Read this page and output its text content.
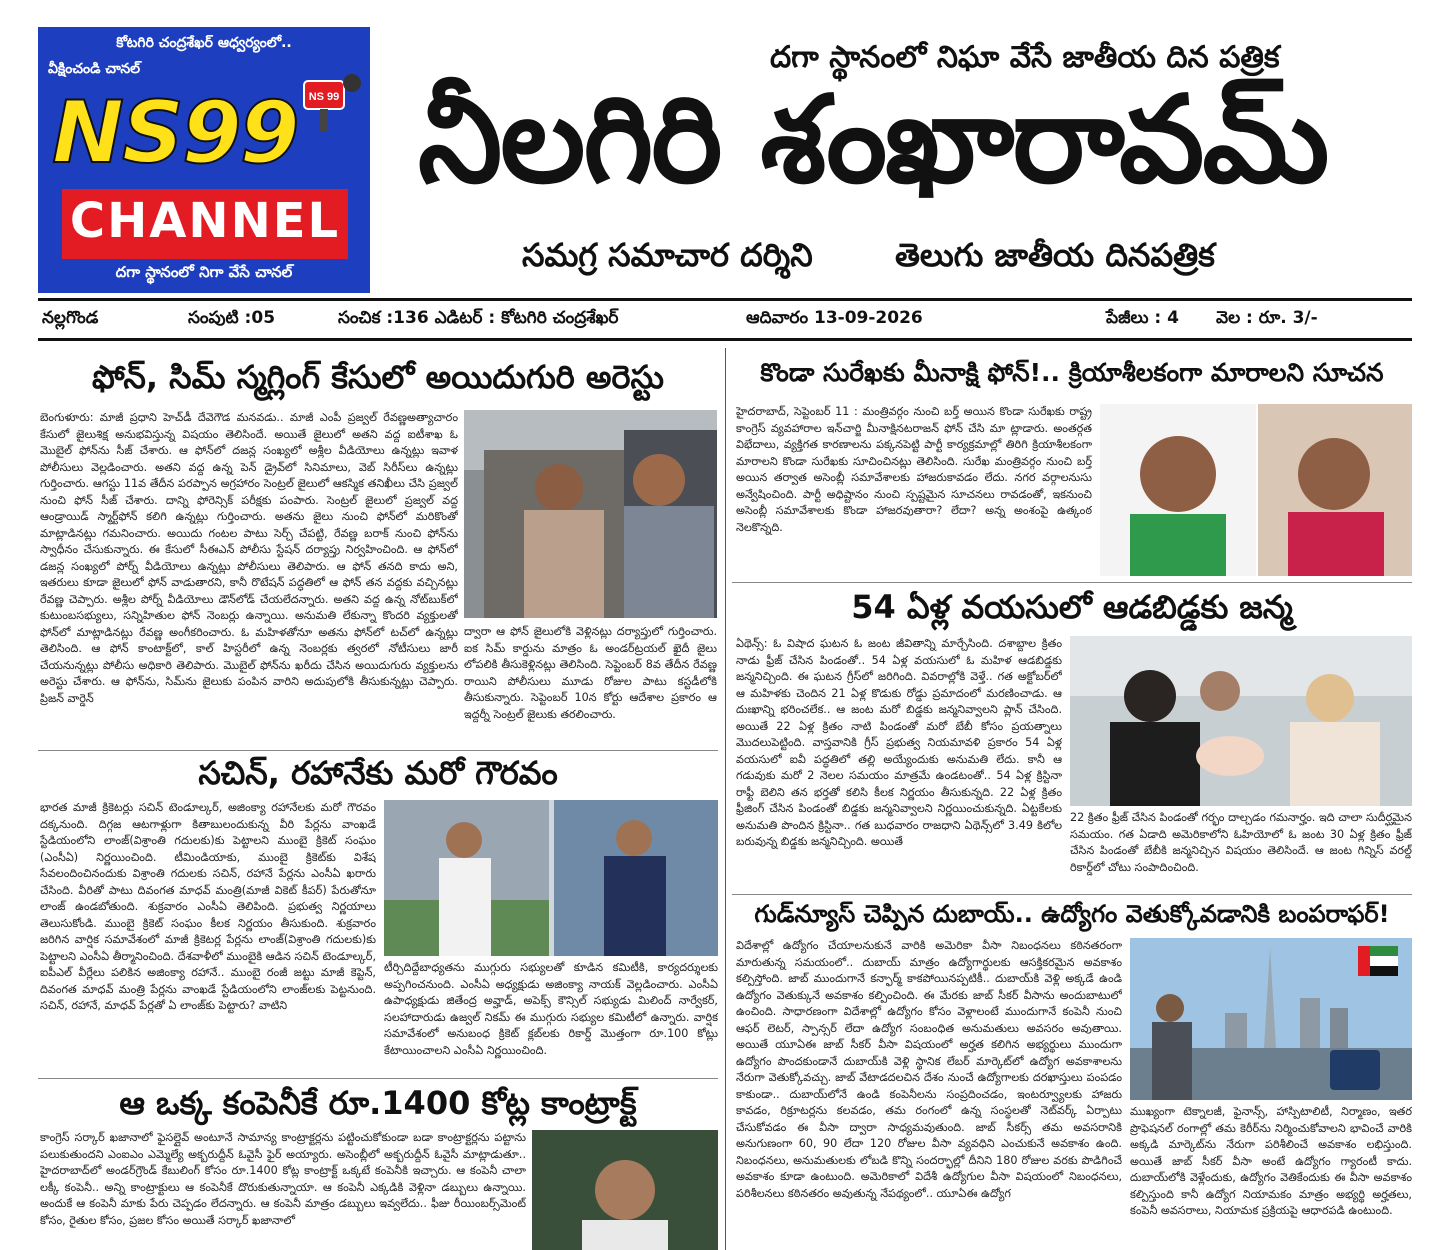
కోటగిరి చంద్రశేఖర్ ఆధ్వర్యంలో..
వీక్షించండి చానల్
NS99 NS 99
CHANNEL
దగా స్థానంలో నిగా వేసే చానల్
దగా స్థానంలో నిఘా వేసే జాతీయ దిన పత్రిక
నీలగిరి శంఖారావమ్
సమగ్ర సమాచార దర్శిని	తెలుగు జాతీయ దినపత్రిక
నల్లగొండ	సంపుటి :05	సంచిక :136 ఎడిటర్ : కోటగిరి చంద్రశేఖర్	ఆదివారం 13-09-2026	పేజీలు : 4 వెల : రూ. 3/-
ఫోన్, సిమ్ స్మగ్లింగ్ కేసులో అయిదుగురి అరెస్టు
బెంగుళూరు: మాజీ ప్రధాని హెచ్‌డీ దేవెగౌడ మనవడు.. మాజీ ఎంపీ ప్రజ్వల్ రేవణ్ణఅత్యాచారం కేసులో జైలుశిక్ష అనుభవిస్తున్న విషయం తెలిసిందే. అయితే జైలులో అతని వద్ద ఐటీశాఖ ఓ మొబైల్ ఫోన్‌ను సీజ్ చేశారు. ఆ ఫోన్‌లో దజన్ల సంఖ్యలో అశ్లీల వీడియోలు ఉన్నట్లు ఇవాళ పోలీసులు వెల్లడించారు. అతని వద్ద ఉన్న పెన్ డ్రైవ్‌లో సినిమాలు, వెబ్ సిరీస్‌లు ఉన్నట్లు గుర్తించారు. ఆగస్టు 11వ తేదీన పరప్పాన అగ్రహారం సెంట్రల్ జైలులో ఆకస్మిక తనిఖీలు చేసి ప్రజ్వల్ నుంచి ఫోన్ సీజ్ చేశారు. దాన్ని ఫోరెన్సిక్ పరీక్షకు పంపారు. సెంట్రల్ జైలులో ప్రజ్వల్ వద్ద ఆండ్రాయిడ్ స్మార్ట్‌ఫోన్ కలిగి ఉన్నట్లు గుర్తించారు. అతను జైలు నుంచి ఫోన్‌లో మరికొంతో మాట్లాడినట్లు గమనించారు. అయిదు గంటల పాటు సెర్చ్ చేపట్టి, రేవణ్ణ బరాక్ నుంచి ఫోన్‌ను స్వాధీనం చేసుకున్నారు. ఈ కేసులో సీఈఎన్ పోలీసు స్టేషన్ దర్యాప్తు నిర్వహించింది. ఆ ఫోన్‌లో డజన్ల సంఖ్యలో పోర్న్ వీడియోలు ఉన్నట్లు పోలీసులు తెలిపారు. ఆ ఫోన్ తనది కాదు అని, ఇతరులు కూడా జైలులో ఫోన్ వాడుతారని, కానీ రొటేషన్ పద్ధతిలో ఆ ఫోన్ తన వద్దకు వచ్చినట్లు రేవణ్ణ చెప్పారు. అశ్లీల పోర్న్ వీడియోలు డౌన్‌లోడ్ చేయలేదన్నారు. అతని వద్ద ఉన్న నోట్‌బుక్‌లో కుటుంబసభ్యులు, సన్నిహితుల ఫోన్ నెంబర్లు ఉన్నాయి. అనుమతి లేకున్నా కొందరి వ్యక్తులతో ఫోన్‌లో మాట్లాడినట్లు రేవణ్ణ అంగీకరించారు. ఓ మహిళతోనూ అతను ఫోన్‌లో టచ్‌లో ఉన్నట్లు తెలిసింది. ఆ ఫోన్ కాంటాక్ట్‌లో, కాల్ హిస్టరీలో ఉన్న నెంబర్లకు త్వరలో నోటీసులు జారీ చేయనున్నట్లు పోలీసు అధికారి తెలిపారు. మొబైల్ ఫోన్‌ను ఖరీదు చేసిన అయిదుగురు వ్యక్తులను అరెస్టు చేశారు. ఆ ఫోన్‌ను, సిమ్‌ను జైలుకు పంపిన వారిని అదుపులోకి తీసుకున్నట్లు చెప్పారు. ప్రిజన్ వార్డెన్
ద్వారా ఆ ఫోన్ జైలులోకి వెళ్లినట్లు దర్యాప్తులో గుర్తించారు. ఐక సిమ్ కార్డును మాత్రం ఓ అండర్‌ట్రయల్ ఖైదీ జైలు లోపలికి తీసుకెళ్లినట్లు తెలిసింది. సెప్టెంబర్ 8వ తేదీన రేవణ్ణ రాయిని పోలీసులు మూడు రోజుల పాటు కస్టడీలోకి తీసుకున్నారు. సెప్టెంబర్ 10న కోర్టు ఆదేశాల ప్రకారం ఆ ఇద్దర్నీ సెంట్రల్ జైలుకు తరలించారు.
సచిన్, రహానేకు మరో గౌరవం
భారత మాజీ క్రికెటర్లు సచిన్ టెండూల్కర్, అజింక్యా రహానేలకు మరో గౌరవం దక్కనుంది. దిగ్గజ ఆటగాళ్లుగా కితాబులందుకున్న వీరి పేర్లను వాంఖడే స్టేడియంలోని లాంజ్(విశ్రాంతి గదులకు)కు పెట్టాలని ముంబై క్రికెట్ సంఘం (ఎంసీఏ) నిర్ణయించింది. టీమిండియాకు, ముంబై క్రికెట్‌కు విశేష సేవలందించినందుకు విశ్రాంతి గదులకు సచిన్, రహానే పేర్లను ఎంసీఏ ఖరారు చేసింది. వీరితో పాటు దివంగత మాధవ్ మంత్రి(మాజీ వికెట్ కీపర్) పేరుతోనూ లాంజ్ ఉండబోతుంది. శుక్రవారం ఎంసీఏ తెలిపింది. ప్రభుత్వ నిర్ణయాలు తెలుసుకోండి. ముంబై క్రికెట్ సంఘం కీలక నిర్ణయం తీసుకుంది. శుక్రవారం జరిగిన వార్షిక సమావేశంలో మాజీ క్రికెటర్ల పేర్లను లాంజ్(విశ్రాంతి గదులకు)కు పెట్టాలని ఎంసీఏ తీర్మానించింది. దేశవాళీలో ముంబైకి ఆడిన సచిన్ టెండూల్కర్, ఐపీఎల్ వీర్లేలు పలికిన అజింక్యా రహానే.. ముంబై రంజీ జట్టు మాజీ కెప్టెన్, దివంగత మాధవ్ మంత్రి పేర్లను వాంఖడే స్టేడియంలోని లాంజ్‌లకు పెట్టనుంది. సచిన్, రహానే, మాధవ్ పేర్లతో ఏ లాంజ్‌కు పెట్టారు? వాటిని
టీర్చిదిద్దేబాధ్యతను ముగ్గురు సభ్యులతో కూడిన కమిటీకి, కార్యదర్శులకు అప్పగించనుంది. ఎంసీఏ అధ్యక్షుడు అజింక్యా నాయక్ వెల్లడించారు. ఎంసీఏ ఉపాధ్యక్షుడు జితేంద్ర అవ్హాడ్, అపెక్స్ కౌన్సిల్ సభ్యుడు మిలింద్ నార్వేకర్, సలహాదారుడు ఉజ్వల్ నికమ్ ఈ ముగ్గురు సభ్యుల కమిటీలో ఉన్నారు. వార్షిక సమావేశంలో అనుబంధ క్రికెట్ క్లబ్‌లకు రికార్డ్ మొత్తంగా రూ.100 కోట్లు కేటాయించాలని ఎంసీఏ నిర్ణయించింది.
ఆ ఒక్క కంపెనీకే రూ.1400 కోట్ల కాంట్రాక్ట్
కాంగ్రెస్ సర్కార్ ఖజానాలో ఫైసల్లైవ్ అంటూనే సామాన్య కాంట్రాక్టర్లను పట్టించుకోకుండా బడా కాంట్రాక్టర్లను పట్టాను పలుకుతుందని ఎంఐఎం ఎమ్మెల్యే అక్బరుద్దీన్ ఓవైసీ ఫైర్ అయ్యారు. అసెంబ్లీలో అక్బరుద్దీన్ ఓవైసీ మాట్లాడుతూ.. హైదరాబాద్‌లో అండర్‌గ్రౌండ్ కేబులింగ్ కోసం రూ.1400 కోట్ల కాంట్రాక్ట్ ఒక్కటే కంపెనీకి ఇచ్చారు. ఆ కంపెనీ చాలా లక్కీ కంపెనీ.. అన్ని కాంట్రాక్టులు ఆ కంపెనీకే దొరుకుతున్నాయా. ఆ కంపెనీ ఎక్కడికి వెళ్లినా డబ్బులు ఉన్నాయి. అందుకే ఆ కంపెనీ మాకు పేరు చెప్పడం లేదన్నారు. ఆ కంపెనీ మాత్రం డబ్బులు ఇవ్వలేదు.. ఫీజు రీయింబర్స్‌మెంట్ కోసం, రైతుల కోసం, ప్రజల కోసం అయితే సర్కార్ ఖజానాలో
కొండా సురేఖకు మీనాక్షి ఫోన్!.. క్రియాశీలకంగా మారాలని సూచన
హైదరాబాద్, సెప్టెంబర్ 11 : మంత్రివర్గం నుంచి బర్త్ అయిన కొండా సురేఖకు రాష్ట్ర కాంగ్రెస్ వ్యవహారాల ఇన్‌చార్జి మీనాక్షినటరాజన్ ఫోన్ చేసి మా ట్లాడారు. అంతర్గత విభేదాలు, వ్యక్తిగత కారణాలను పక్కనపెట్టి పార్టీ కార్యక్రమాల్లో తిరిగి క్రియాశీలకంగా మారాలని కొండా సురేఖకు సూచించినట్లు తెలిసింది. సురేఖ మంత్రివర్గం నుంచి బర్త్ అయిన తర్వాత అసెంబ్లీ సమావేశాలకు హాజరుకావడం లేదు. నగర వర్గాలనుసు అన్వేషించింది. పార్టీ అధిష్టానం నుంచి స్పష్టమైన సూచనలు రావడంతో, ఇకనుంచి అసెంబ్లీ సమావేశాలకు కొండా హాజరవుతారా? లేదా? అన్న అంశంపై ఉత్కంఠ నెలకొన్నది.
54 ఏళ్ల వయసులో ఆడబిడ్డకు జన్మ
ఏథెన్స్: ఓ విషాద ఘటన ఓ జంట జీవితాన్ని మార్చేసింది. దశాబ్దాల క్రితం నాడు ఫ్రీజ్ చేసిన పిండంతో.. 54 ఏళ్ల వయసులో ఓ మహిళ ఆడబిడ్డకు జన్మనిచ్చింది. ఈ ఘటన గ్రీస్‌లో జరిగింది. వివరాల్లోకి వెళ్తే.. గత అక్టోబర్‌లో ఆ మహిళకు చెందిన 21 ఏళ్ల కొడుకు రోడ్డు ప్రమాదంలో మరణించాడు. ఆ దుఃఖాన్ని భరించలేక.. ఆ జంట మరో బిడ్డకు జన్మనివ్వాలని ప్లాన్ చేసింది. అయితే 22 ఏళ్ల క్రితం నాటి పిండంతో మరో బేబీ కోసం ప్రయత్నాలు మొదలుపెట్టింది. వాస్తవానికి గ్రీస్ ప్రభుత్వ నియమావళి ప్రకారం 54 ఏళ్ల వయసులో ఐవీ పద్ధతిలో తల్లి అయ్యేందుకు అనుమతి లేదు. కానీ ఆ గడువుకు మరో 2 నెలల సమయం మాత్రమే ఉండటంతో.. 54 ఏళ్ల క్రిస్టినా రాఫ్టీ బెలిని తన భర్తతో కలిసి కీలక నిర్ణయం తీసుకున్నది. 22 ఏళ్ల క్రితం ఫ్రీజింగ్ చేసిన పిండంతో బిడ్డకు జన్మనివ్వాలని నిర్ణయించుకున్నది. ఏట్టకేలకు అనుమతి పొందిన క్రిస్టినా.. గత బుధవారం రాజధాని ఏథెన్స్‌లో 3.49 కిలోల బరువున్న బిడ్డకు జన్మనిచ్చింది. అయితే
22 క్రితం ఫ్రీజ్ చేసిన పిండంతో గర్భం దాల్చడం గమనార్హం. ఇది చాలా సుదీర్ఘమైన సమయం. గత ఏడాది అమెరికాలోని ఓహియోలో ఓ జంట 30 ఏళ్ల క్రితం ఫ్రీజ్ చేసిన పిండంతో బేబీకి జన్మనిచ్చిన విషయం తెలిసిందే. ఆ జంట గిన్నిస్ వరల్డ్ రికార్డ్‌లో చోటు సంపాదించింది.
గుడ్‌న్యూస్ చెప్పిన దుబాయ్.. ఉద్యోగం వెతుక్కోవడానికి బంపరాఫర్!
విదేశాల్లో ఉద్యోగం చేయాలనుకునే వారికి అమెరికా వీసా నిబంధనలు కఠినతరంగా మారుతున్న సమయంలో.. దుబాయ్ మాత్రం ఉద్యోగార్థులకు ఆసక్తికరమైన అవకాశం కల్పిస్తోంది. జాబ్ ముందుగానే కన్ఫార్మ్ కాకపోయినప్పటికీ.. దుబాయ్‌కి వెళ్లి అక్కడే ఉండి ఉద్యోగం వెతుక్కునే అవకాశం కల్పించింది. ఈ మేరకు జాబ్ సీకర్ వీసాను అందుబాటులో ఉంచింది. సాధారణంగా విదేశాల్లో ఉద్యోగం కోసం వెళ్లాలంటే ముందుగానే కంపెనీ నుంచి ఆఫర్ లెటర్, స్పాన్సర్ లేదా ఉద్యోగ సంబంధిత అనుమతులు అవసరం అవుతాయి. అయితే యూఏఈ జాబ్ సీకర్ వీసా విషయంలో అర్హత కలిగిన అభ్యర్థులు ముందుగా ఉద్యోగం పొందకుండానే దుబాయ్‌కి వెళ్లి స్థానిక లేబర్ మార్కెట్‌లో ఉద్యోగ అవకాశాలను నేరుగా వెతుక్కోవచ్చు. జాబ్ వేటాడదలచిన దేశం నుంచే ఉద్యోగాలకు దరఖాస్తులు పంపడం కాకుండా.. దుబాయ్‌లోనే ఉండి కంపెనీలను సంప్రదించడం, ఇంటర్వ్యూలకు హాజరు కావడం, రిక్రూటర్లను కలవడం, తమ రంగంలో ఉన్న సంస్థలతో నెట్‌వర్క్ ఏర్పాటు చేసుకోవడం ఈ వీసా ద్వారా సాధ్యమవుతుంది. జాబ్ సీకర్స్ తమ అవసరానికి అనుగుణంగా 60, 90 లేదా 120 రోజుల వీసా వ్యవధిని ఎంచుకునే అవకాశం ఉంది. నిబంధనలు, అనుమతులకు లోబడి కొన్ని సందర్భాల్లో దీనిని 180 రోజుల వరకు పొడిగించే అవకాశం కూడా ఉంటుంది. అమెరికాలో విదేశీ ఉద్యోగుల వీసా విషయంలో నిబంధనలు, పరిశీలనలు కఠినతరం అవుతున్న నేపథ్యంలో.. యూఏఈ ఉద్యోగ
ముఖ్యంగా టెక్నాలజీ, ఫైనాన్స్, హాస్పిటాలిటీ, నిర్మాణం, ఇతర ప్రొఫెషనల్ రంగాల్లో తమ కెరీర్‌ను నిర్మించుకోవాలని భావించే వారికి అక్కడి మార్కెట్‌ను నేరుగా పరిశీలించే అవకాశం లభిస్తుంది. అయితే జాబ్ సీకర్ వీసా అంటే ఉద్యోగం గ్యారంటీ కాదు. దుబాయ్‌లోకి వెళ్లేందుకు, ఉద్యోగం వెతికేందుకు ఈ వీసా అవకాశం కల్పిస్తుంది కానీ ఉద్యోగ నియామకం మాత్రం అభ్యర్థి అర్హతలు, కంపెనీ అవసరాలు, నియామక ప్రక్రియపై ఆధారపడి ఉంటుంది.
